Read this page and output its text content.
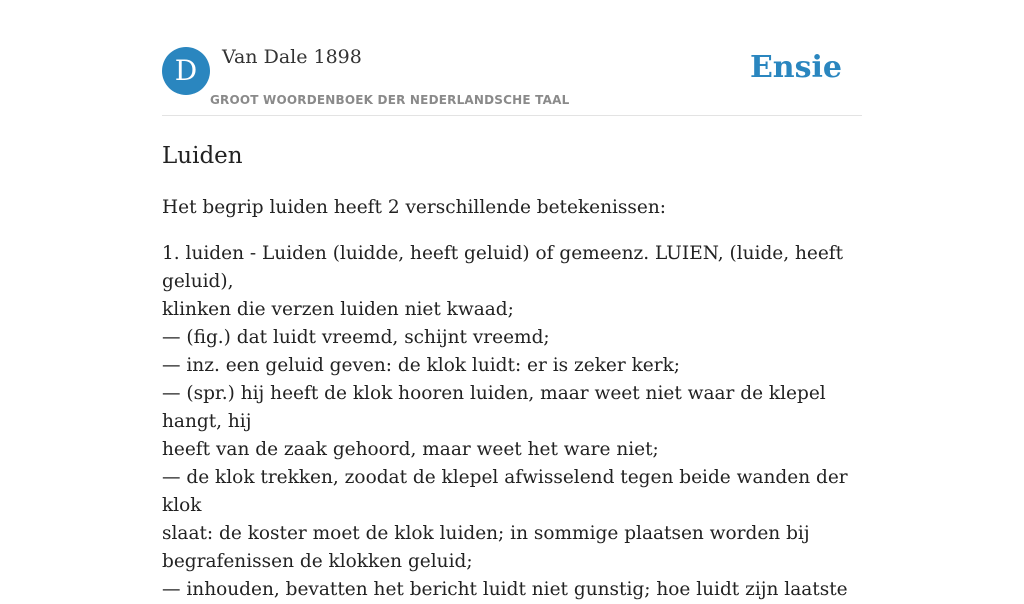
D	Van Dale 1898
GROOT WOORDENBOEK DER NEDERLANDSCHE TAAL
Ensie
Luiden

Het begrip luiden heeft 2 verschillende betekenissen:

1. luiden - Luiden (luidde, heeft geluid) of gemeenz. LUIEN, (luide, heeft geluid),
klinken die verzen luiden niet kwaad;
— (fig.) dat luidt vreemd, schijnt vreemd;
— inz. een geluid geven: de klok luidt: er is zeker kerk;
— (spr.) hij heeft de klok hooren luiden, maar weet niet waar de klepel hangt, hij
heeft van de zaak gehoord, maar weet het ware niet;
— de klok trekken, zoodat de klepel afwisselend tegen beide wanden der klok
slaat: de koster moet de klok luiden; in sommige plaatsen worden bij
begrafenissen de klokken geluid;
— inhouden, bevatten het bericht luidt niet gunstig; hoe luidt zijn laatste
